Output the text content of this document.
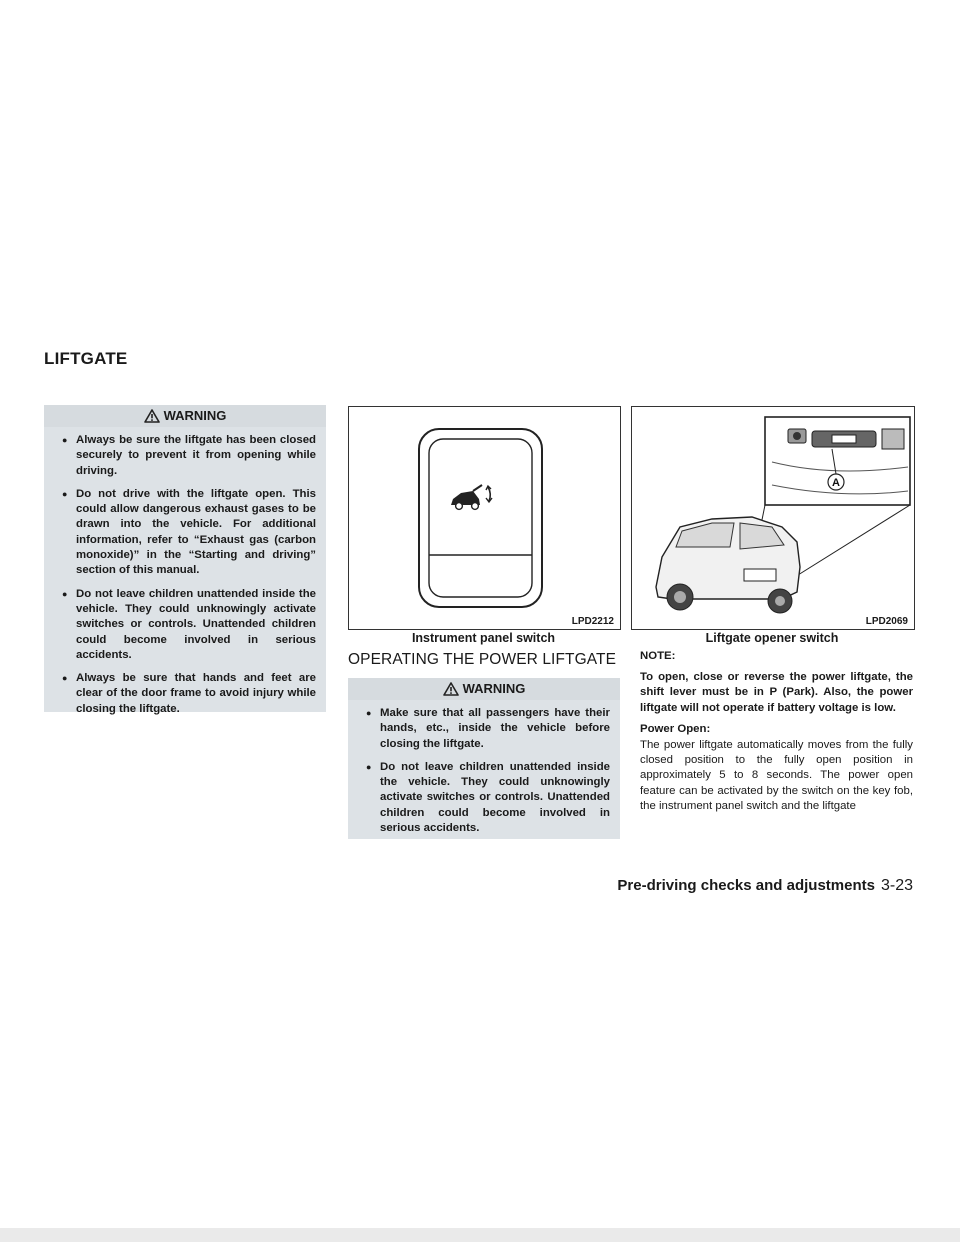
LIFTGATE
WARNING
● Always be sure the liftgate has been closed securely to prevent it from opening while driving.
● Do not drive with the liftgate open. This could allow dangerous exhaust gases to be drawn into the vehicle. For additional information, refer to “Exhaust gas (carbon monoxide)” in the “Starting and driving” section of this manual.
● Do not leave children unattended inside the vehicle. They could unknowingly activate switches or controls. Unattended children could become involved in serious accidents.
● Always be sure that hands and feet are clear of the door frame to avoid injury while closing the liftgate.
LPD2212
Instrument panel switch
A
LPD2069
Liftgate opener switch
OPERATING THE POWER LIFTGATE
WARNING
● Make sure that all passengers have their hands, etc., inside the vehicle before closing the liftgate.
● Do not leave children unattended inside the vehicle. They could unknowingly activate switches or controls. Unattended children could become involved in serious accidents.

NOTE:

To open, close or reverse the power liftgate, the shift lever must be in P (Park). Also, the power liftgate will not operate if battery voltage is low.

Power Open:

The power liftgate automatically moves from the fully closed position to the fully open position in approximately 5 to 8 seconds. The power open feature can be activated by the switch on the key fob, the instrument panel switch and the liftgate

Pre-driving checks and adjustments 3-23
